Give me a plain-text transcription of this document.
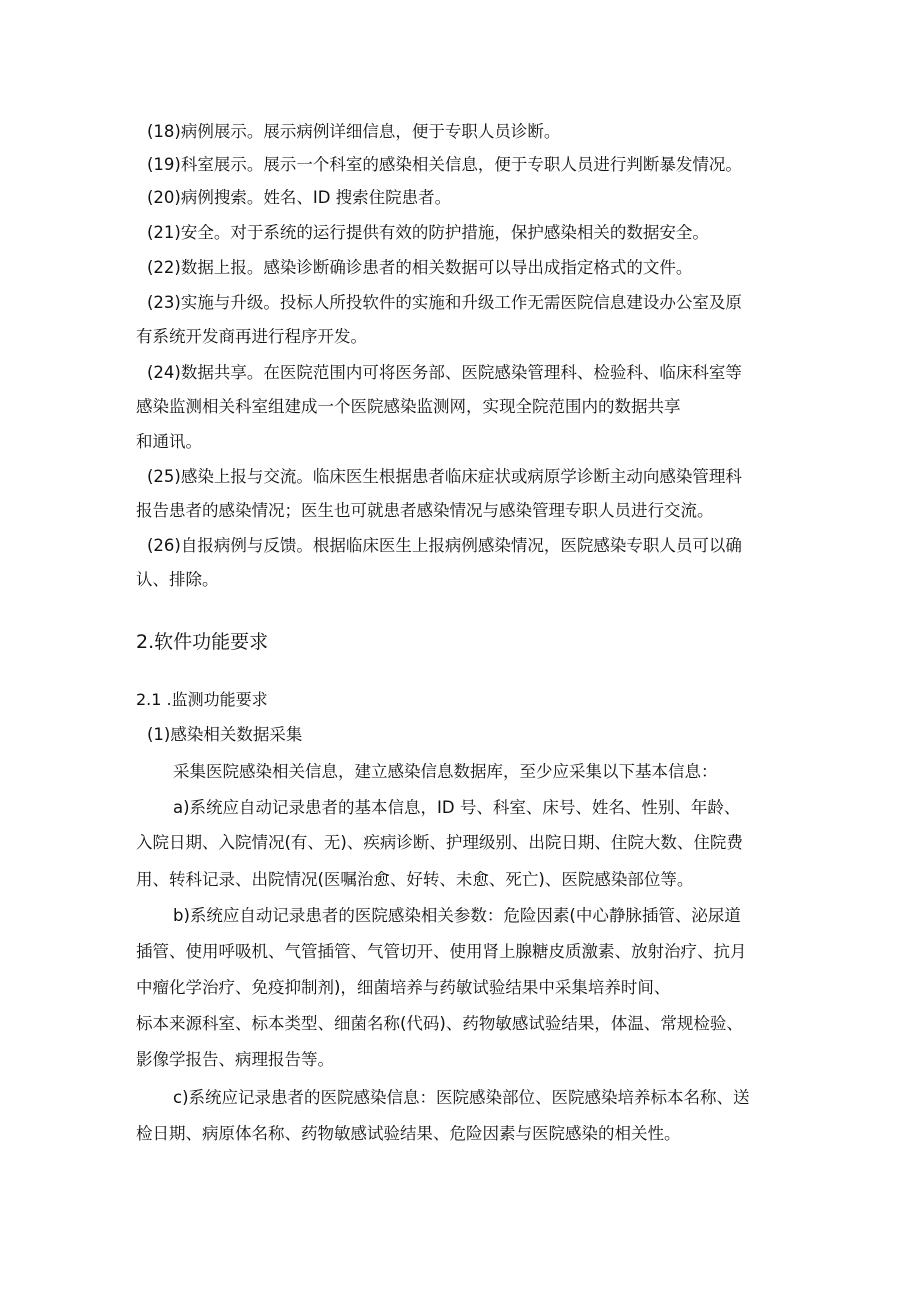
(18)病例展示。展示病例详细信息，便于专职人员诊断。
(19)科室展示。展示一个科室的感染相关信息，便于专职人员进行判断暴发情况。
(20)病例搜索。姓名、ID 搜索住院患者。
(21)安全。对于系统的运行提供有效的防护措施，保护感染相关的数据安全。
(22)数据上报。感染诊断确诊患者的相关数据可以导出成指定格式的文件。
(23)实施与升级。投标人所投软件的实施和升级工作无需医院信息建设办公室及原
有系统开发商再进行程序开发。
(24)数据共享。在医院范围内可将医务部、医院感染管理科、检验科、临床科室等
感染监测相关科室组建成一个医院感染监测网，实现全院范围内的数据共享
和通讯。
(25)感染上报与交流。临床医生根据患者临床症状或病原学诊断主动向感染管理科
报告患者的感染情况；医生也可就患者感染情况与感染管理专职人员进行交流。
(26)自报病例与反馈。根据临床医生上报病例感染情况，医院感染专职人员可以确
认、排除。
2.软件功能要求
2.1 .监测功能要求
(1)感染相关数据采集
采集医院感染相关信息，建立感染信息数据库，至少应采集以下基本信息：
a)系统应自动记录患者的基本信息，ID 号、科室、床号、姓名、性别、年龄、
入院日期、入院情况(有、无)、疾病诊断、护理级别、出院日期、住院大数、住院费
用、转科记录、出院情况(医嘱治愈、好转、未愈、死亡)、医院感染部位等。
b)系统应自动记录患者的医院感染相关参数：危险因素(中心静脉插管、泌尿道
插管、使用呼吸机、气管插管、气管切开、使用肾上腺糖皮质激素、放射治疗、抗月
中瘤化学治疗、免疫抑制剂)，细菌培养与药敏试验结果中采集培养时间、
标本来源科室、标本类型、细菌名称(代码)、药物敏感试验结果，体温、常规检验、
影像学报告、病理报告等。
c)系统应记录患者的医院感染信息：医院感染部位、医院感染培养标本名称、送
检日期、病原体名称、药物敏感试验结果、危险因素与医院感染的相关性。
